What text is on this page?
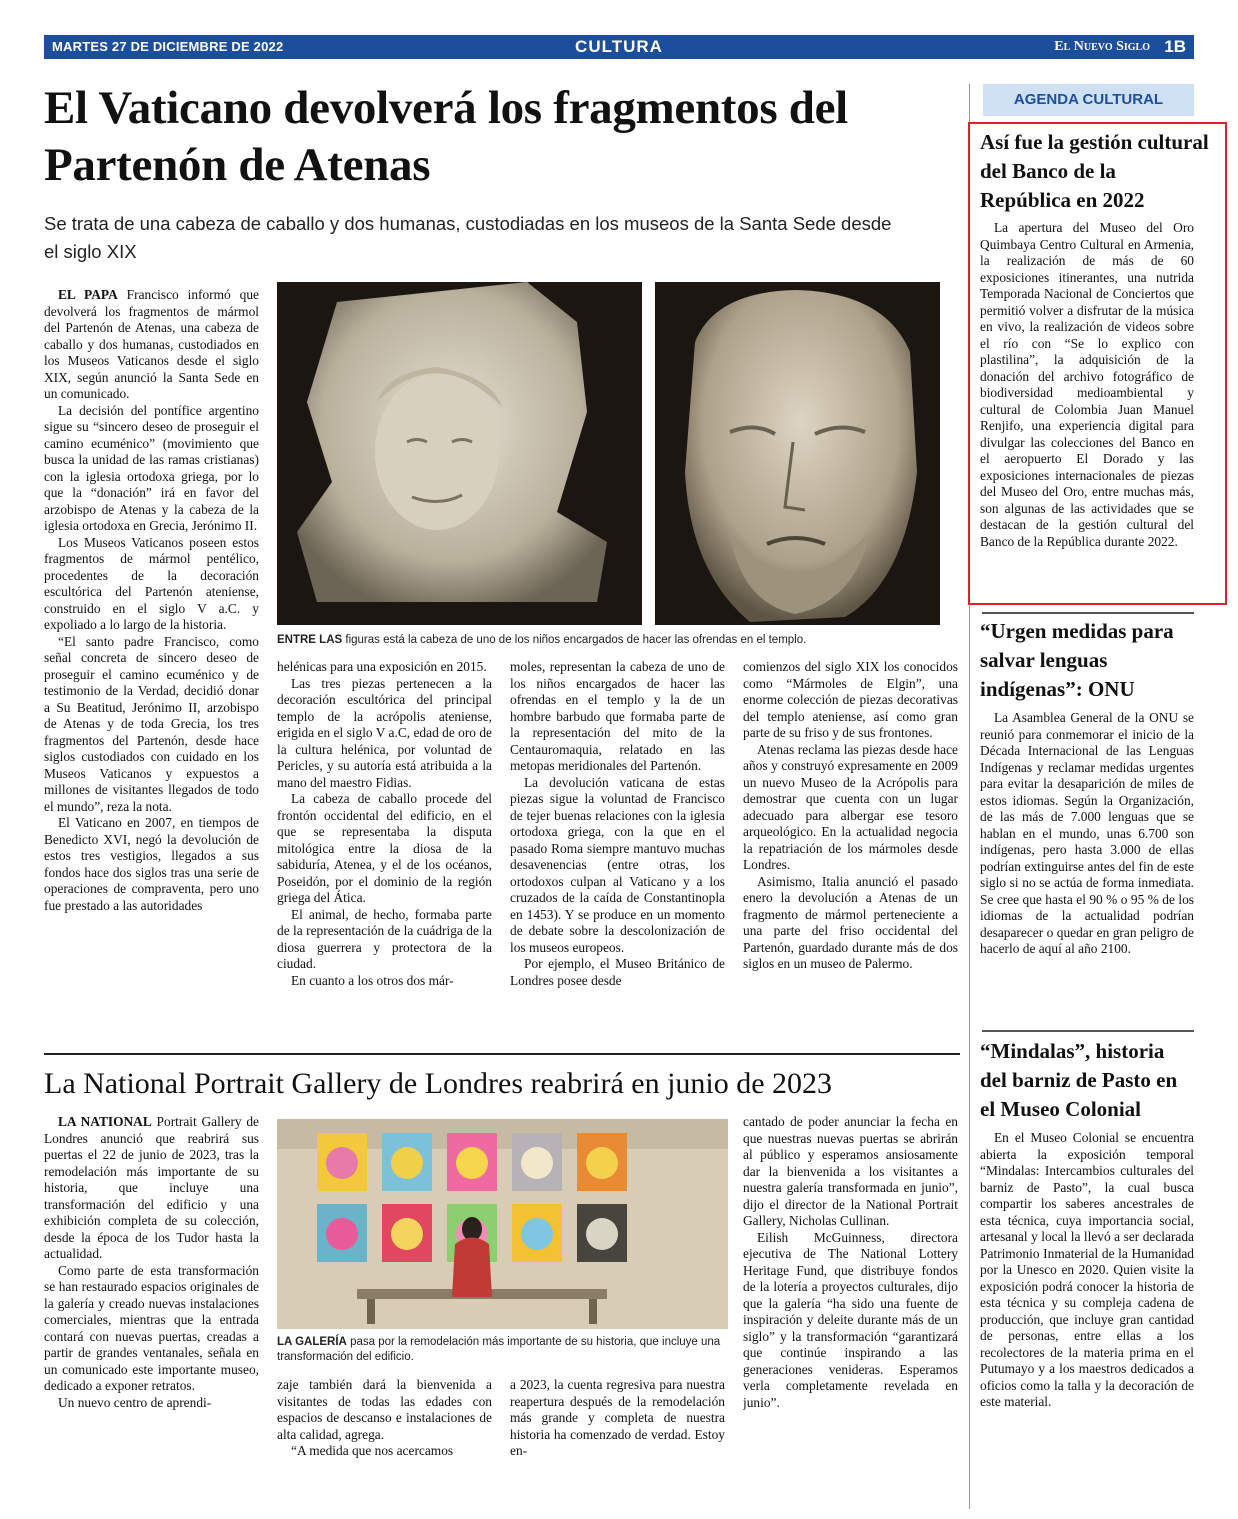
MARTES 27 DE DICIEMBRE DE 2022	CULTURA	El Nuevo Siglo 1B
El Vaticano devolverá los fragmentos del Partenón de Atenas
Se trata de una cabeza de caballo y dos humanas, custodiadas en los museos de la Santa Sede desde el siglo XIX

EL PAPA Francisco informó que devolverá los fragmentos de mármol del Partenón de Atenas, una cabeza de caballo y dos humanas, custodiados en los Museos Vaticanos desde el siglo XIX, según anunció la Santa Sede en un comunicado.

La decisión del pontífice argentino sigue su “sincero deseo de proseguir el camino ecuménico” (movimiento que busca la unidad de las ramas cristianas) con la iglesia ortodoxa griega, por lo que la “donación” irá en favor del arzobispo de Atenas y la cabeza de la iglesia ortodoxa en Grecia, Jerónimo II.

Los Museos Vaticanos poseen estos fragmentos de mármol pentélico, procedentes de la decoración escultórica del Partenón ateniense, construido en el siglo V a.C. y expoliado a lo largo de la historia.

“El santo padre Francisco, como señal concreta de sincero deseo de proseguir el camino ecuménico y de testimonio de la Verdad, decidió donar a Su Beatitud, Jerónimo II, arzobispo de Atenas y de toda Grecia, los tres fragmentos del Partenón, desde hace siglos custodiados con cuidado en los Museos Vaticanos y expuestos a millones de visitantes llegados de todo el mundo”, reza la nota.

El Vaticano en 2007, en tiempos de Benedicto XVI, negó la devolución de estos tres vestigios, llegados a sus fondos hace dos siglos tras una serie de operaciones de compraventa, pero uno fue prestado a las autoridades

ENTRE LAS figuras está la cabeza de uno de los niños encargados de hacer las ofrendas en el templo.

helénicas para una exposición en 2015.

Las tres piezas pertenecen a la decoración escultórica del principal templo de la acrópolis ateniense, erigida en el siglo V a.C, edad de oro de la cultura helénica, por voluntad de Pericles, y su autoría está atribuida a la mano del maestro Fidias.

La cabeza de caballo procede del frontón occidental del edificio, en el que se representaba la disputa mitológica entre la diosa de la sabiduría, Atenea, y el de los océanos, Poseidón, por el dominio de la región griega del Ática.

El animal, de hecho, formaba parte de la representación de la cuádriga de la diosa guerrera y protectora de la ciudad.

En cuanto a los otros dos már-

moles, representan la cabeza de uno de los niños encargados de hacer las ofrendas en el templo y la de un hombre barbudo que formaba parte de la representación del mito de la Centauromaquia, relatado en las metopas meridionales del Partenón.

La devolución vaticana de estas piezas sigue la voluntad de Francisco de tejer buenas relaciones con la iglesia ortodoxa griega, con la que en el pasado Roma siempre mantuvo muchas desavenencias (entre otras, los ortodoxos culpan al Vaticano y a los cruzados de la caída de Constantinopla en 1453). Y se produce en un momento de debate sobre la descolonización de los museos europeos.

Por ejemplo, el Museo Británico de Londres posee desde

comienzos del siglo XIX los conocidos como “Mármoles de Elgin”, una enorme colección de piezas decorativas del templo ateniense, así como gran parte de su friso y de sus frontones.

Atenas reclama las piezas desde hace años y construyó expresamente en 2009 un nuevo Museo de la Acrópolis para demostrar que cuenta con un lugar adecuado para albergar ese tesoro arqueológico. En la actualidad negocia la repatriación de los mármoles desde Londres.

Asimismo, Italia anunció el pasado enero la devolución a Atenas de un fragmento de mármol perteneciente a una parte del friso occidental del Partenón, guardado durante más de dos siglos en un museo de Palermo.

La National Portrait Gallery de Londres reabrirá en junio de 2023

LA NATIONAL Portrait Gallery de Londres anunció que reabrirá sus puertas el 22 de junio de 2023, tras la remodelación más importante de su historia, que incluye una transformación del edificio y una exhibición completa de su colección, desde la época de los Tudor hasta la actualidad.

Como parte de esta transformación se han restaurado espacios originales de la galería y creado nuevas instalaciones comerciales, mientras que la entrada contará con nuevas puertas, creadas a partir de grandes ventanales, señala en un comunicado este importante museo, dedicado a exponer retratos.

Un nuevo centro de aprendi-

LA GALERÍA pasa por la remodelación más importante de su historia, que incluye una transformación del edificio.

zaje también dará la bienvenida a visitantes de todas las edades con espacios de descanso e instalaciones de alta calidad, agrega.

“A medida que nos acercamos

a 2023, la cuenta regresiva para nuestra reapertura después de la remodelación más grande y completa de nuestra historia ha comenzado de verdad. Estoy en-

cantado de poder anunciar la fecha en que nuestras nuevas puertas se abrirán al público y esperamos ansiosamente dar la bienvenida a los visitantes a nuestra galería transformada en junio”, dijo el director de la National Portrait Gallery, Nicholas Cullinan.

Eilish McGuinness, directora ejecutiva de The National Lottery Heritage Fund, que distribuye fondos de la lotería a proyectos culturales, dijo que la galería “ha sido una fuente de inspiración y deleite durante más de un siglo” y la transformación “garantizará que continúe inspirando a las generaciones venideras. Esperamos verla completamente revelada en junio”.

AGENDA CULTURAL
Así fue la gestión cultural del Banco de la República en 2022

La apertura del Museo del Oro Quimbaya Centro Cultural en Armenia, la realización de más de 60 exposiciones itinerantes, una nutrida Temporada Nacional de Conciertos que permitió volver a disfrutar de la música en vivo, la realización de videos sobre el río con “Se lo explico con plastilina”, la adquisición de la donación del archivo fotográfico de biodiversidad medioambiental y cultural de Colombia Juan Manuel Renjifo, una experiencia digital para divulgar las colecciones del Banco en el aeropuerto El Dorado y las exposiciones internacionales de piezas del Museo del Oro, entre muchas más, son algunas de las actividades que se destacan de la gestión cultural del Banco de la República durante 2022.

“Urgen medidas para salvar lenguas indígenas”: ONU

La Asamblea General de la ONU se reunió para conmemorar el inicio de la Década Internacional de las Lenguas Indígenas y reclamar medidas urgentes para evitar la desaparición de miles de estos idiomas. Según la Organización, de las más de 7.000 lenguas que se hablan en el mundo, unas 6.700 son indígenas, pero hasta 3.000 de ellas podrían extinguirse antes del fin de este siglo si no se actúa de forma inmediata. Se cree que hasta el 90 % o 95 % de los idiomas de la actualidad podrían desaparecer o quedar en gran peligro de hacerlo de aquí al año 2100.

“Mindalas”, historia del barniz de Pasto en el Museo Colonial

En el Museo Colonial se encuentra abierta la exposición temporal “Mindalas: Intercambios culturales del barniz de Pasto”, la cual busca compartir los saberes ancestrales de esta técnica, cuya importancia social, artesanal y local la llevó a ser declarada Patrimonio Inmaterial de la Humanidad por la Unesco en 2020. Quien visite la exposición podrá conocer la historia de esta técnica y su compleja cadena de producción, que incluye gran cantidad de personas, entre ellas a los recolectores de la materia prima en el Putumayo y a los maestros dedicados a oficios como la talla y la decoración de este material.
